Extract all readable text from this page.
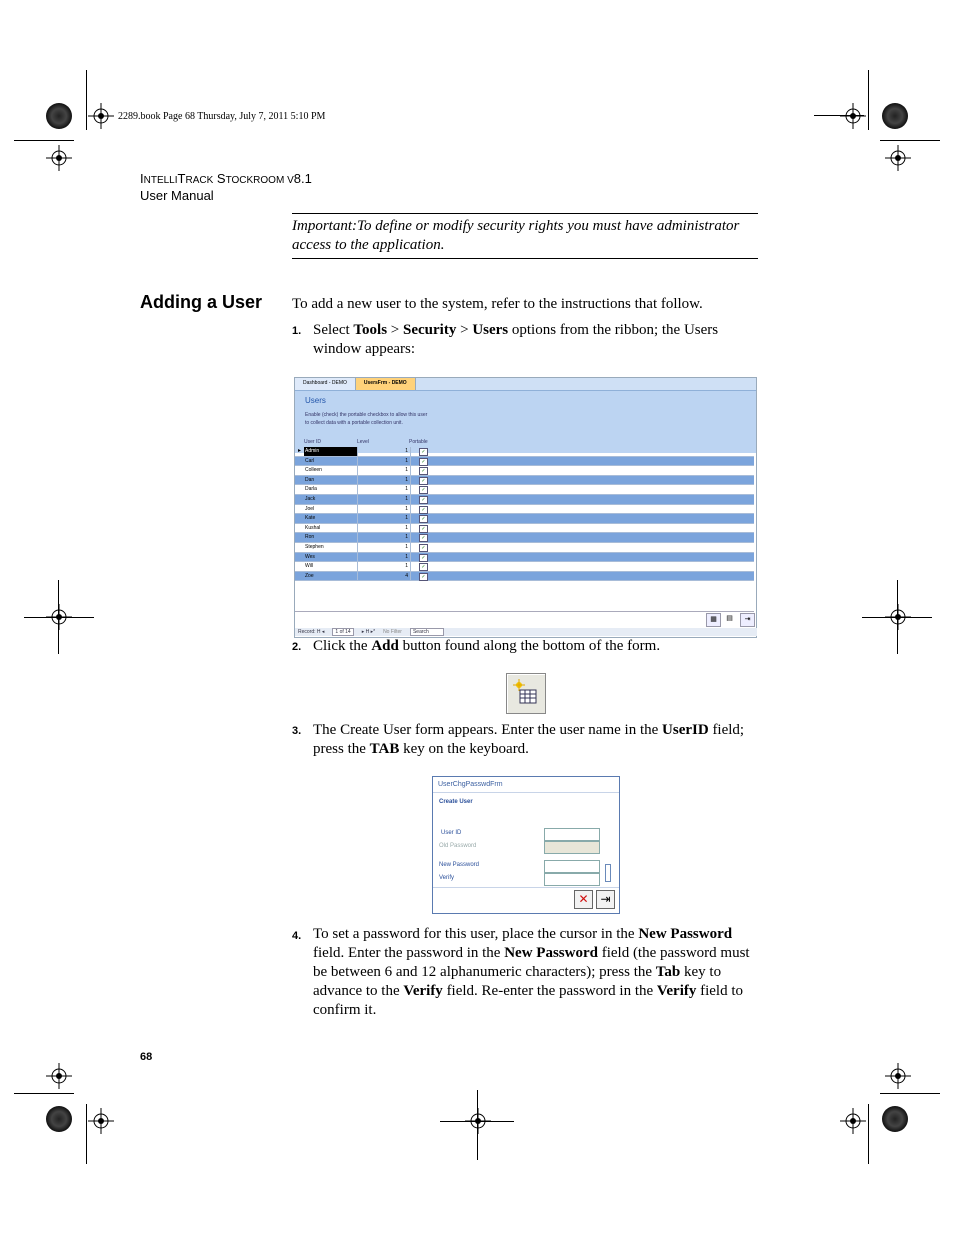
2289.book Page 68 Thursday, July 7, 2011 5:10 PM
INTELLITRACK STOCKROOM V8.1
User Manual
Important:To define or modify security rights you must have administrator access to the application.
Adding a User To add a new user to the system, refer to the instructions that follow.
1. Select Tools > Security > Users options from the ribbon; the Users window appears:
Dashboard - DEMO	UsersFrm - DEMO
Users
Enable (check) the portable checkbox to allow this user to collect data with a portable collection unit.
User ID	Level	Portable
▸ Admin	1	✓
Carl	1	✓
Colleen	1	✓
Dan	1	✓
Darla	1	✓
Jack	1	✓
Joel	1	✓
Kate	1	✓
Kushal	1	✓
Ron	1	✓
Stephen	1	✓
Wes	1	✓
Will	1	✓
Zoe	4	✓
▦	▤	⇥
Record: H ◂	1 of 14	▸ H ▸* No Filter	Search
2. Click the Add button found along the bottom of the form.
3. The Create User form appears. Enter the user name in the UserID field; press the TAB key on the keyboard.
UserChgPasswdFrm
Create User
User ID
Old Password
New Password
Verify
✕ ⇥
4. To set a password for this user, place the cursor in the New Password field. Enter the password in the New Password field (the password must be between 6 and 12 alphanumeric characters); press the Tab key to advance to the Verify field. Re-enter the password in the Verify field to confirm it.
68
